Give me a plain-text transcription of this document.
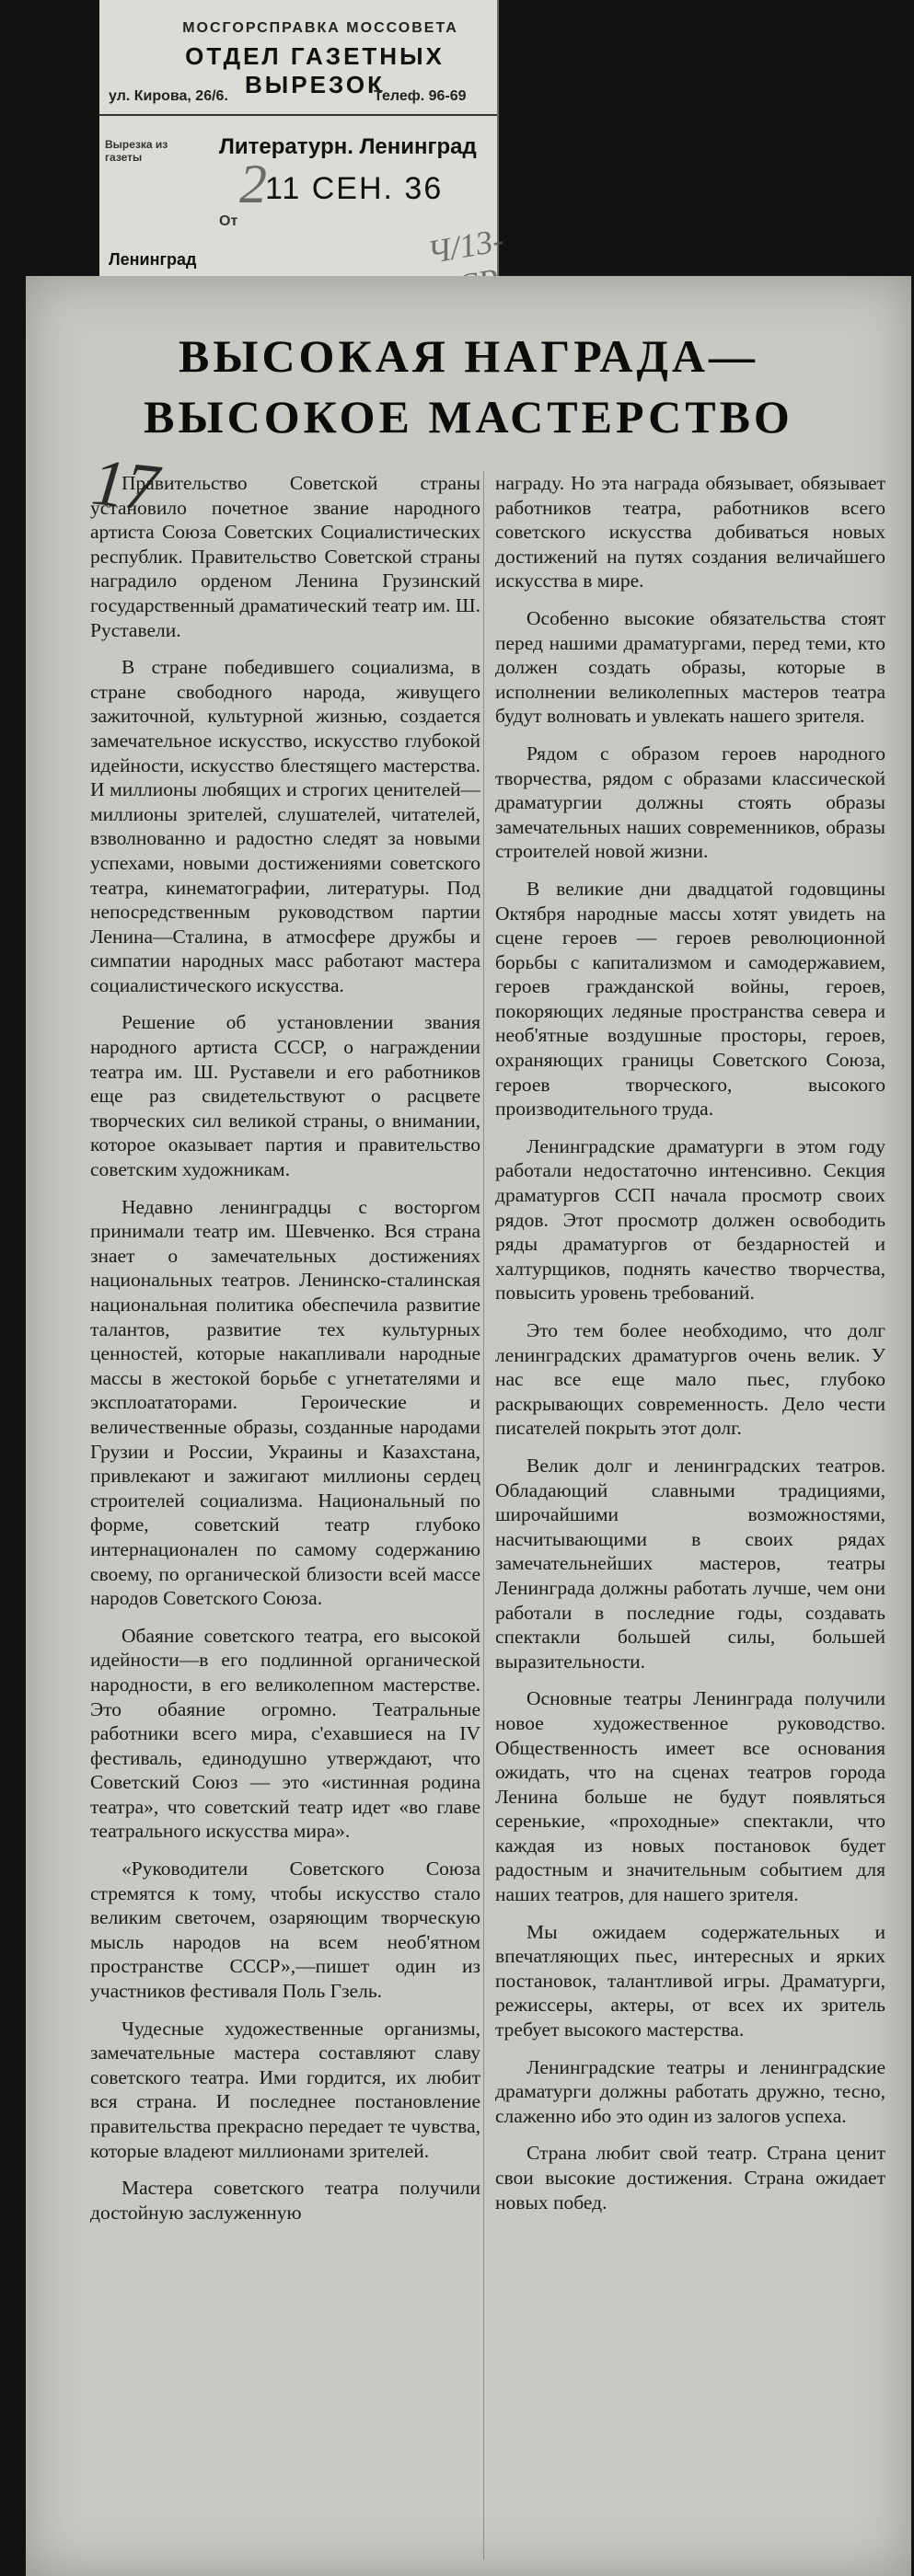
МОСГОРСПРАВКА МОССОВЕТА
ОТДЕЛ ГАЗЕТНЫХ ВЫРЕЗОК
ул. Кирова, 26/6.	Телеф. 96-69
Вырезка из газеты	Литературн. Ленинград
11 СЕН. 36
От
Ленинград
2
Ч/13-ССР
ВЫСОКАЯ НАГРАДА—
ВЫСОКОЕ МАСТЕРСТВО
17

Правительство Советской страны установило почетное звание народного артиста Союза Советских Социалистических республик. Правительство Советской страны наградило орденом Ленина Грузинский государственный драматический театр им. Ш. Руставели.

В стране победившего социализма, в стране свободного народа, живущего зажиточной, культурной жизнью, создается замечательное искусство, искусство глубокой идейности, искусство блестящего мастерства. И миллионы любящих и строгих ценителей—миллионы зрителей, слушателей, читателей, взволнованно и радостно следят за новыми успехами, новыми достижениями советского театра, кинематографии, литературы. Под непосредственным руководством партии Ленина—Сталина, в атмосфере дружбы и симпатии народных масс работают мастера социалистического искусства.

Решение об установлении звания народного артиста СССР, о награждении театра им. Ш. Руставели и его работников еще раз свидетельствуют о расцвете творческих сил великой страны, о внимании, которое оказывает партия и правительство советским художникам.

Недавно ленинградцы с восторгом принимали театр им. Шевченко. Вся страна знает о замечательных достижениях национальных театров. Ленинско-сталинская национальная политика обеспечила развитие талантов, развитие тех культурных ценностей, которые накапливали народные массы в жестокой борьбе с угнетателями и эксплоататорами. Героические и величественные образы, созданные народами Грузии и России, Украины и Казахстана, привлекают и зажигают миллионы сердец строителей социализма. Национальный по форме, советский театр глубоко интернационален по самому содержанию своему, по органической близости всей массе народов Советского Союза.

Обаяние советского театра, его высокой идейности—в его подлинной органической народности, в его великолепном мастерстве. Это обаяние огромно. Театральные работники всего мира, с'ехавшиеся на IV фестиваль, единодушно утверждают, что Советский Союз — это «истинная родина театра», что советский театр идет «во главе театрального искусства мира».

«Руководители Советского Союза стремятся к тому, чтобы искусство стало великим светочем, озаряющим творческую мысль народов на всем необ'ятном пространстве СССР»,—пишет один из участников фестиваля Поль Гзель.

Чудесные художественные организмы, замечательные мастера составляют славу советского театра. Ими гордится, их любит вся страна. И последнее постановление правительства прекрасно передает те чувства, которые владеют миллионами зрителей.

Мастера советского театра получили достойную заслуженную

награду. Но эта награда обязывает, обязывает работников театра, работников всего советского искусства добиваться новых достижений на путях создания величайшего искусства в мире.

Особенно высокие обязательства стоят перед нашими драматургами, перед теми, кто должен создать образы, которые в исполнении великолепных мастеров театра будут волновать и увлекать нашего зрителя.

Рядом с образом героев народного творчества, рядом с образами классической драматургии должны стоять образы замечательных наших современников, образы строителей новой жизни.

В великие дни двадцатой годовщины Октября народные массы хотят увидеть на сцене героев — героев революционной борьбы с капитализмом и самодержавием, героев гражданской войны, героев, покоряющих ледяные пространства севера и необ'ятные воздушные просторы, героев, охраняющих границы Советского Союза, героев творческого, высокого производительного труда.

Ленинградские драматурги в этом году работали недостаточно интенсивно. Секция драматургов ССП начала просмотр своих рядов. Этот просмотр должен освободить ряды драматургов от бездарностей и халтурщиков, поднять качество творчества, повысить уровень требований.

Это тем более необходимо, что долг ленинградских драматургов очень велик. У нас все еще мало пьес, глубоко раскрывающих современность. Дело чести писателей покрыть этот долг.

Велик долг и ленинградских театров. Обладающий славными традициями, широчайшими возможностями, насчитывающими в своих рядах замечательнейших мастеров, театры Ленинграда должны работать лучше, чем они работали в последние годы, создавать спектакли большей силы, большей выразительности.

Основные театры Ленинграда получили новое художественное руководство. Общественность имеет все основания ожидать, что на сценах театров города Ленина больше не будут появляться серенькие, «проходные» спектакли, что каждая из новых постановок будет радостным и значительным событием для наших театров, для нашего зрителя.

Мы ожидаем содержательных и впечатляющих пьес, интересных и ярких постановок, талантливой игры. Драматурги, режиссеры, актеры, от всех их зритель требует высокого мастерства.

Ленинградские театры и ленинградские драматурги должны работать дружно, тесно, слаженно ибо это один из залогов успеха.

Страна любит свой театр. Страна ценит свои высокие достижения. Страна ожидает новых побед.
